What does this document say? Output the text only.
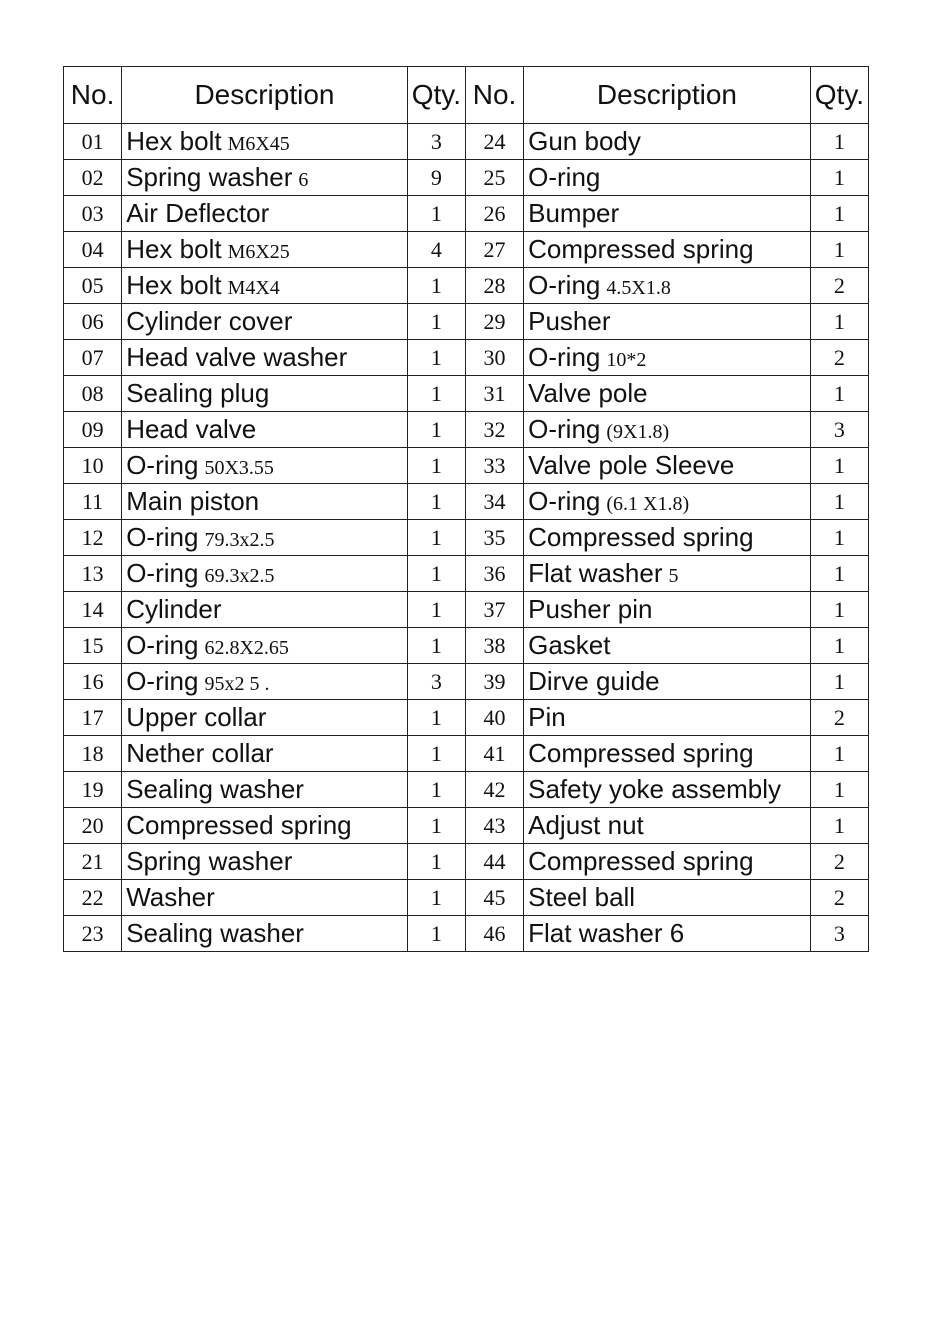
No.	Description	Qty.	No.	Description	Qty.
01	Hex bolt M6X45	3	24	Gun body	1
02	Spring washer 6	9	25	O-ring	1
03	Air Deflector	1	26	Bumper	1
04	Hex bolt M6X25	4	27	Compressed spring	1
05	Hex bolt M4X4	1	28	O-ring 4.5X1.8	2
06	Cylinder cover	1	29	Pusher	1
07	Head valve washer	1	30	O-ring 10*2	2
08	Sealing plug	1	31	Valve pole	1
09	Head valve	1	32	O-ring (9X1.8)	3
10	O-ring 50X3.55	1	33	Valve pole Sleeve	1
11	Main piston	1	34	O-ring (6.1 X1.8)	1
12	O-ring 79.3x2.5	1	35	Compressed spring	1
13	O-ring 69.3x2.5	1	36	Flat washer 5	1
14	Cylinder	1	37	Pusher pin	1
15	O-ring 62.8X2.65	1	38	Gasket	1
16	O-ring 95x2 5 .	3	39	Dirve guide	1
17	Upper collar	1	40	Pin	2
18	Nether collar	1	41	Compressed spring	1
19	Sealing washer	1	42	Safety yoke assembly	1
20	Compressed spring	1	43	Adjust nut	1
21	Spring washer	1	44	Compressed spring	2
22	Washer	1	45	Steel ball	2
23	Sealing washer	1	46	Flat washer 6	3
